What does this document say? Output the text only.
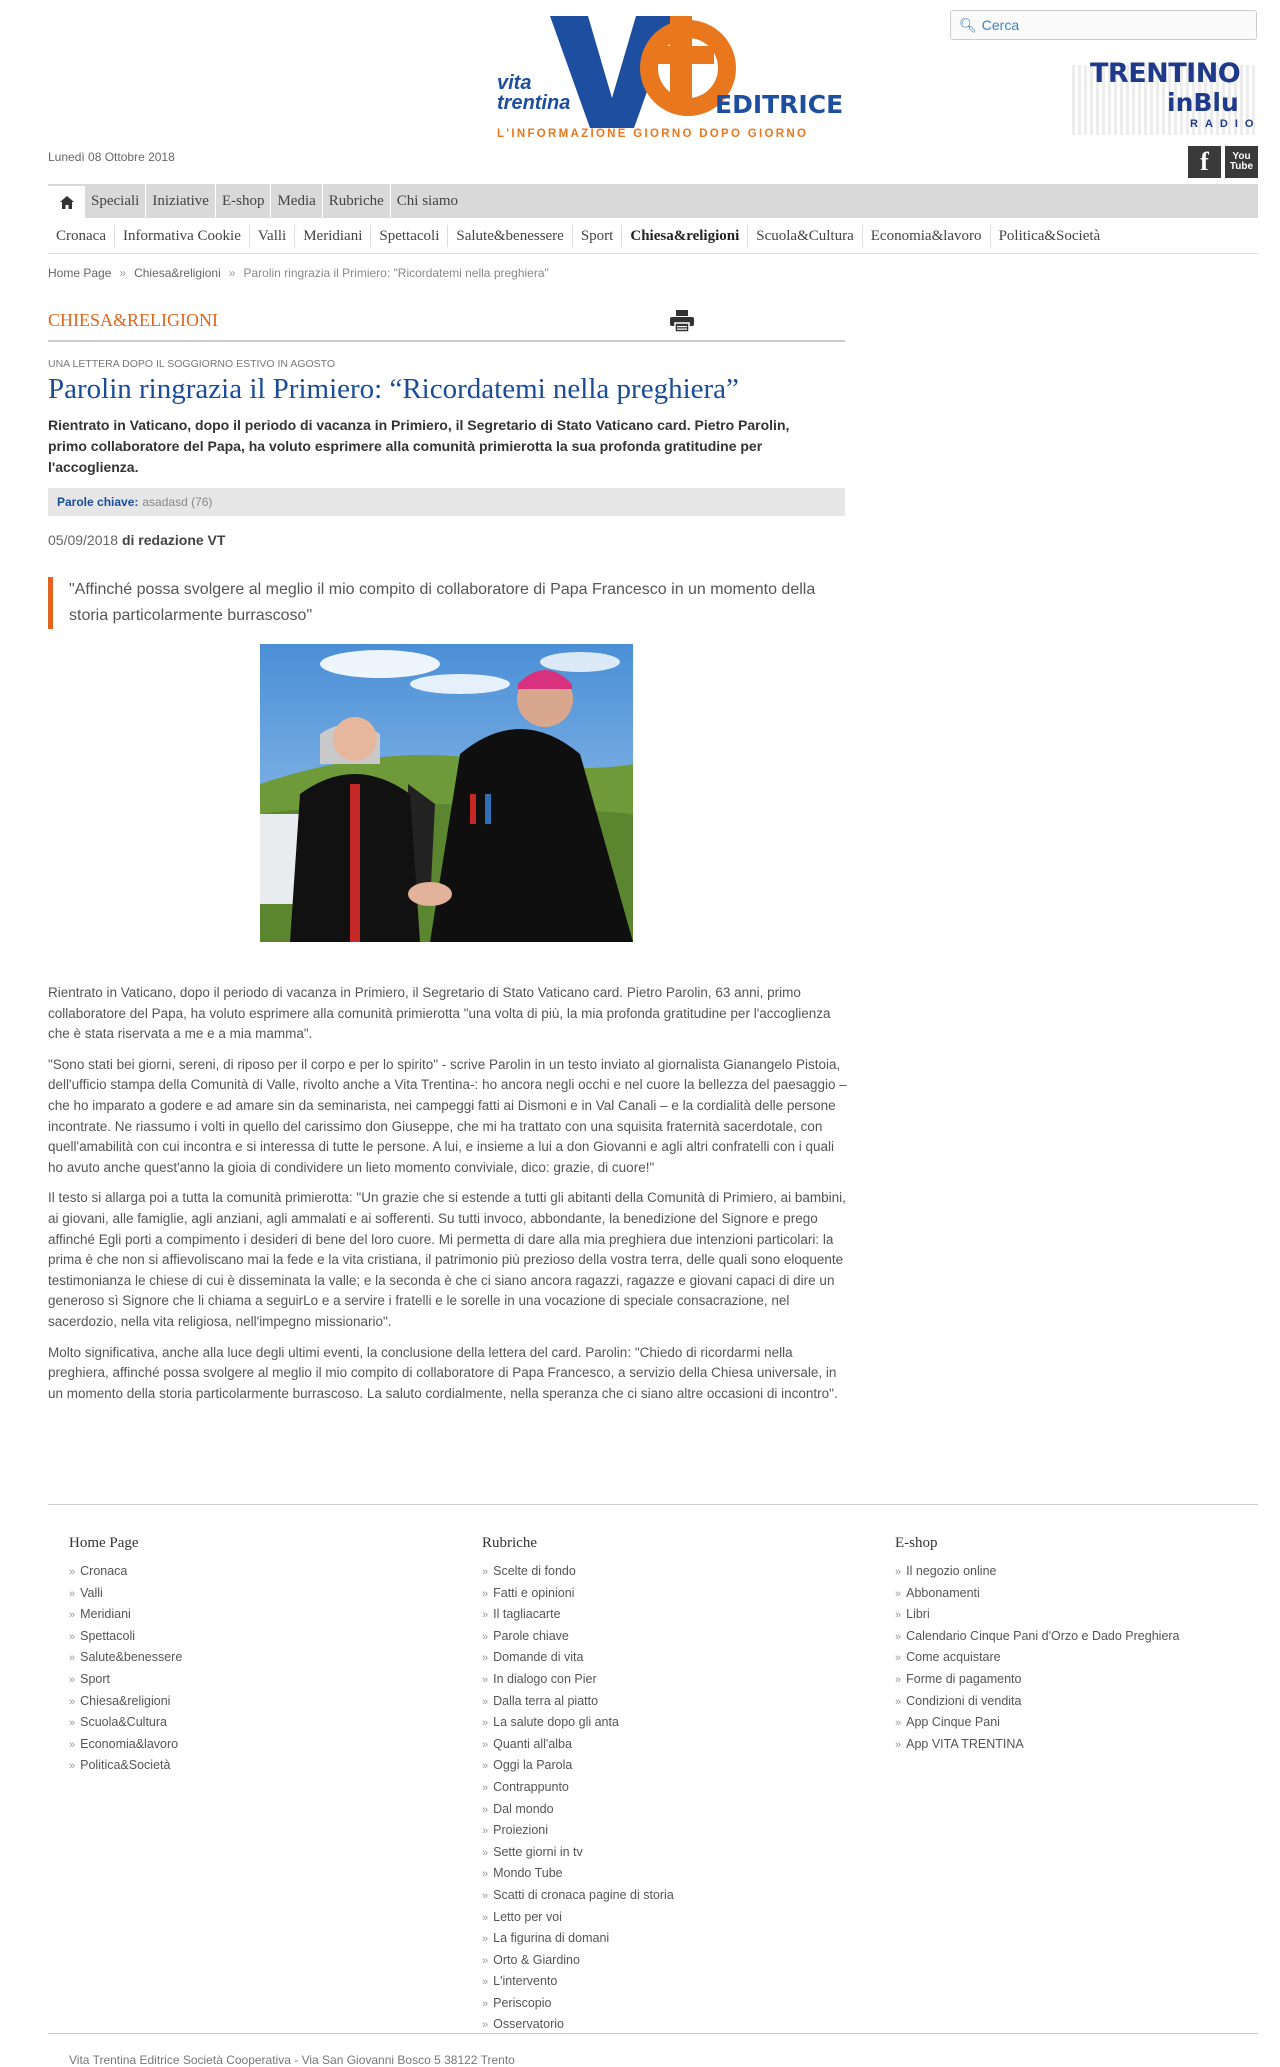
🔍︎
Cerca
vita
trentina	EDITRICE
L'INFORMAZIONE GIORNO DOPO GIORNO
TRENTINO
inBlu
RADIO
Lunedì 08 Ottobre 2018	f You
Tube
Speciali Iniziative E-shop Media Rubriche Chi siamo
Cronaca	Informativa Cookie	Valli	Meridiani	Spettacoli	Salute&benessere	Sport	Chiesa&religioni	Scuola&Cultura	Economia&lavoro	Politica&Società
Home Page » Chiesa&religioni » Parolin ringrazia il Primiero: "Ricordatemi nella preghiera"
CHIESA&RELIGIONI
UNA LETTERA DOPO IL SOGGIORNO ESTIVO IN AGOSTO
Parolin ringrazia il Primiero: “Ricordatemi nella preghiera”
Rientrato in Vaticano, dopo il periodo di vacanza in Primiero, il Segretario di Stato Vaticano card. Pietro Parolin, primo collaboratore del Papa, ha voluto esprimere alla comunità primierotta la sua profonda gratitudine per l'accoglienza.
Parole chiave: asadasd (76)
05/09/2018 di redazione VT
"Affinché possa svolgere al meglio il mio compito di collaboratore di Papa Francesco in un momento della storia particolarmente burrascoso"

Rientrato in Vaticano, dopo il periodo di vacanza in Primiero, il Segretario di Stato Vaticano card. Pietro Parolin, 63 anni, primo collaboratore del Papa, ha voluto esprimere alla comunità primierotta "una volta di più, la mia profonda gratitudine per l'accoglienza che è stata riservata a me e a mia mamma".

"Sono stati bei giorni, sereni, di riposo per il corpo e per lo spirito" - scrive Parolin in un testo inviato al giornalista Gianangelo Pistoia, dell'ufficio stampa della Comunità di Valle, rivolto anche a Vita Trentina-: ho ancora negli occhi e nel cuore la bellezza del paesaggio – che ho imparato a godere e ad amare sin da seminarista, nei campeggi fatti ai Dismoni e in Val Canali – e la cordialità delle persone incontrate. Ne riassumo i volti in quello del carissimo don Giuseppe, che mi ha trattato con una squisita fraternità sacerdotale, con quell'amabilità con cui incontra e si interessa di tutte le persone. A lui, e insieme a lui a don Giovanni e agli altri confratelli con i quali ho avuto anche quest'anno la gioia di condividere un lieto momento conviviale, dico: grazie, di cuore!"

Il testo si allarga poi a tutta la comunità primierotta: "Un grazie che si estende a tutti gli abitanti della Comunità di Primiero, ai bambini, ai giovani, alle famiglie, agli anziani, agli ammalati e ai sofferenti. Su tutti invoco, abbondante, la benedizione del Signore e prego affinché Egli porti a compimento i desideri di bene del loro cuore. Mi permetta di dare alla mia preghiera due intenzioni particolari: la prima è che non si affievoliscano mai la fede e la vita cristiana, il patrimonio più prezioso della vostra terra, delle quali sono eloquente testimonianza le chiese di cui è disseminata la valle; e la seconda è che ci siano ancora ragazzi, ragazze e giovani capaci di dire un generoso sì Signore che li chiama a seguirLo e a servire i fratelli e le sorelle in una vocazione di speciale consacrazione, nel sacerdozio, nella vita religiosa, nell'impegno missionario".

Molto significativa, anche alla luce degli ultimi eventi, la conclusione della lettera del card. Parolin: "Chiedo di ricordarmi nella preghiera, affinché possa svolgere al meglio il mio compito di collaboratore di Papa Francesco, a servizio della Chiesa universale, in un momento della storia particolarmente burrascoso. La saluto cordialmente, nella speranza che ci siano altre occasioni di incontro".

Home Page
» Cronaca
» Valli
» Meridiani
» Spettacoli
» Salute&benessere
» Sport
» Chiesa&religioni
» Scuola&Cultura
» Economia&lavoro
» Politica&Società
Rubriche
» Scelte di fondo
» Fatti e opinioni
» Il tagliacarte
» Parole chiave
» Domande di vita
» In dialogo con Pier
» Dalla terra al piatto
» La salute dopo gli anta
» Quanti all'alba
» Oggi la Parola
» Contrappunto
» Dal mondo
» Proiezioni
» Sette giorni in tv
» Mondo Tube
» Scatti di cronaca pagine di storia
» Letto per voi
» La figurina di domani
» Orto & Giardino
» L'intervento
» Periscopio
» Osservatorio
E-shop
» Il negozio online
» Abbonamenti
» Libri
» Calendario Cinque Pani d'Orzo e Dado Preghiera
» Come acquistare
» Forme di pagamento
» Condizioni di vendita
» App Cinque Pani
» App VITA TRENTINA
Vita Trentina Editrice Società Cooperativa - Via San Giovanni Bosco 5 38122 Trento
